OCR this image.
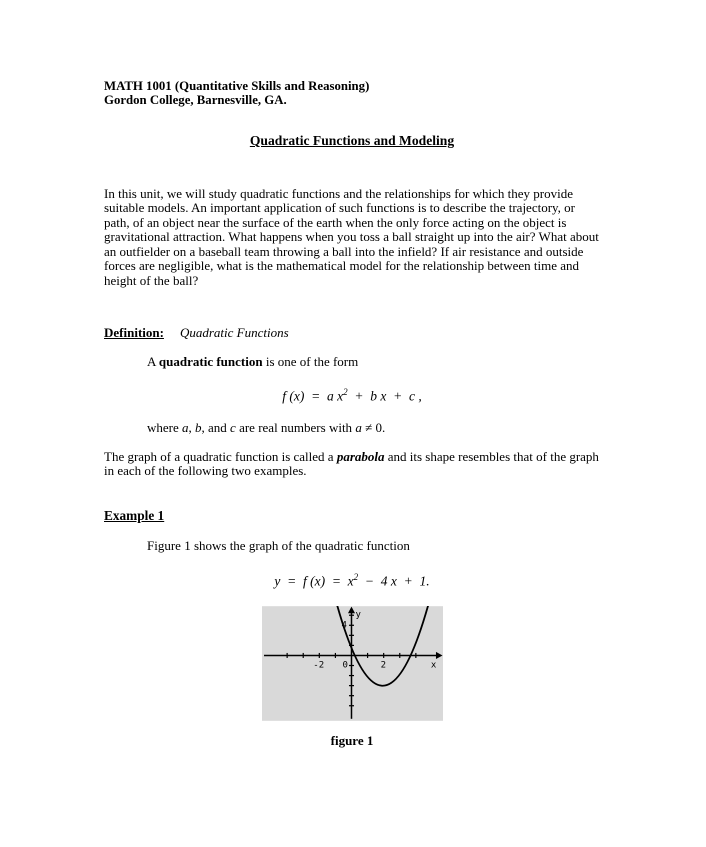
MATH 1001 (Quantitative Skills and Reasoning)
Gordon College, Barnesville, GA.
Quadratic Functions and Modeling

In this unit, we will study quadratic functions and the relationships for which they provide suitable models. An important application of such functions is to describe the trajectory, or path, of an object near the surface of the earth when the only force acting on the object is gravitational attraction. What happens when you toss a ball straight up into the air? What about an outfielder on a baseball team throwing a ball into the infield? If air resistance and outside forces are negligible, what is the mathematical model for the relationship between time and height of the ball?

Definition: Quadratic Functions

A quadratic function is one of the form

f (x)  =  a $x^2 + b$ x  +  c ,

where a, b, and c are real numbers with a ≠ 0.

The graph of a quadratic function is called a parabola and its shape resembles that of the graph in each of the following two examples.

Example 1

Figure 1 shows the graph of the quadratic function

y  =  f $(x) = x^2 - 4$ x  +  1.
-2 0	2	x
y
4
figure 1
